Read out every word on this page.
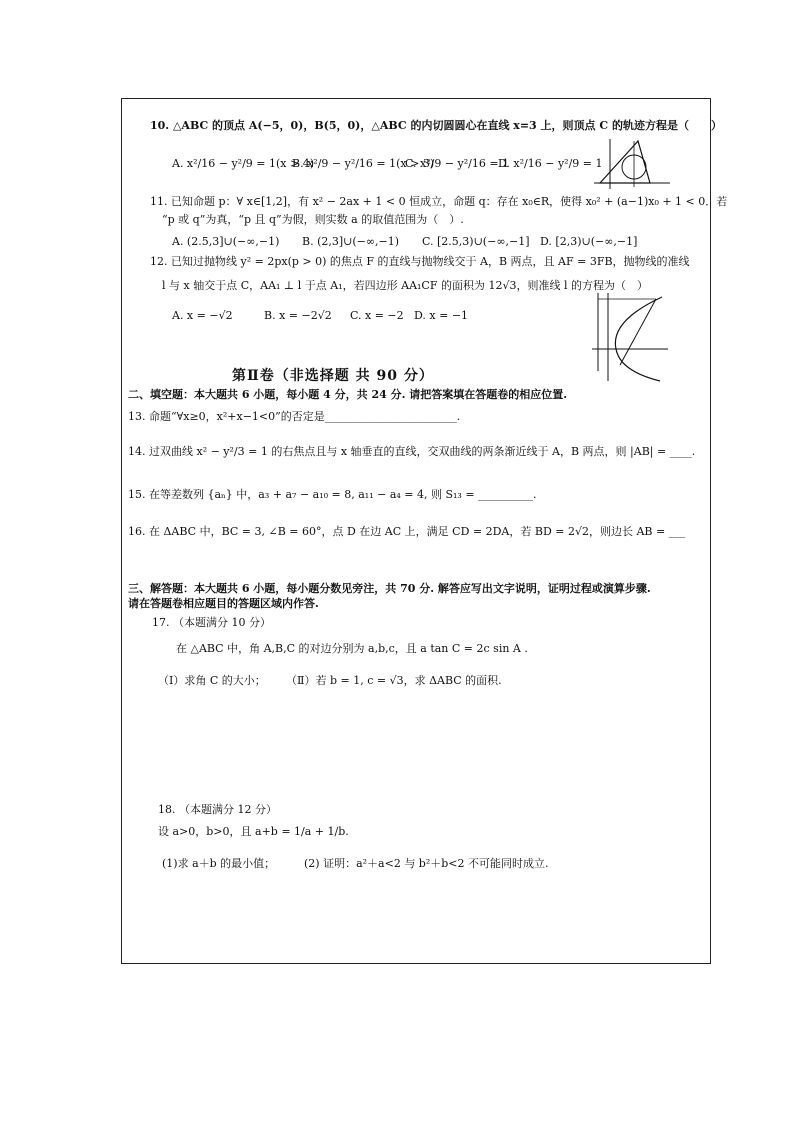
10. △ABC 的顶点 A(−5，0)，B(5，0)，△ABC 的内切圆圆心在直线 x=3 上，则顶点 C 的轨迹方程是（　　）
A. x²/16 − y²/9 = 1(x > 4)
B. x²/9 − y²/16 = 1(x > 3)
C. x²/9 − y²/16 = 1
D. x²/16 − y²/9 = 1
11. 已知命题 p：∀ x∈[1,2]，有 x² − 2ax + 1 < 0 恒成立，命题 q：存在 x₀∈R，使得 x₀² + (a−1)x₀ + 1 < 0．若
“p 或 q”为真，“p 且 q”为假，则实数 a 的取值范围为（　）.
A. (2.5,3]∪(−∞,−1) B. (2,3]∪(−∞,−1) C. [2.5,3)∪(−∞,−1] D. [2,3)∪(−∞,−1]
12. 已知过抛物线 y² = 2px(p > 0) 的焦点 F 的直线与抛物线交于 A，B 两点，且 AF = 3FB，抛物线的准线
l 与 x 轴交于点 C，AA₁ ⊥ l 于点 A₁，若四边形 AA₁CF 的面积为 12√3，则准线 l 的方程为（　）
A. x = −√2	B. x = −2√2 C. x = −2 D. x = −1
第Ⅱ卷（非选择题 共 90 分）
二、填空题：本大题共 6 小题，每小题 4 分，共 24 分. 请把答案填在答题卷的相应位置.
13. 命题“∀x≥0，x²+x−1<0”的否定是________________________.
14. 过双曲线 x² − y²/3 = 1 的右焦点且与 x 轴垂直的直线，交双曲线的两条渐近线于 A，B 两点，则 |AB| = ____.
15. 在等差数列 {aₙ} 中，a₃ + a₇ − a₁₀ = 8, a₁₁ − a₄ = 4, 则 S₁₃ = __________.
16. 在 ΔABC 中，BC = 3, ∠B = 60°，点 D 在边 AC 上，满足 CD = 2DA，若 BD = 2√2，则边长 AB = ___
三、解答题：本大题共 6 小题，每小题分数见旁注，共 70 分. 解答应写出文字说明，证明过程或演算步骤.
请在答题卷相应题目的答题区域内作答.
17. （本题满分 10 分）
在 △ABC 中，角 A,B,C 的对边分别为 a,b,c，且 a tan C = 2c sin A .
（Ⅰ）求角 C 的大小； （Ⅱ）若 b = 1, c = √3，求 ΔABC 的面积.
18. （本题满分 12 分）
设 a>0，b>0，且 a+b = 1/a + 1/b.
(1)求 a＋b 的最小值；	(2) 证明：a²＋a<2 与 b²＋b<2 不可能同时成立.
